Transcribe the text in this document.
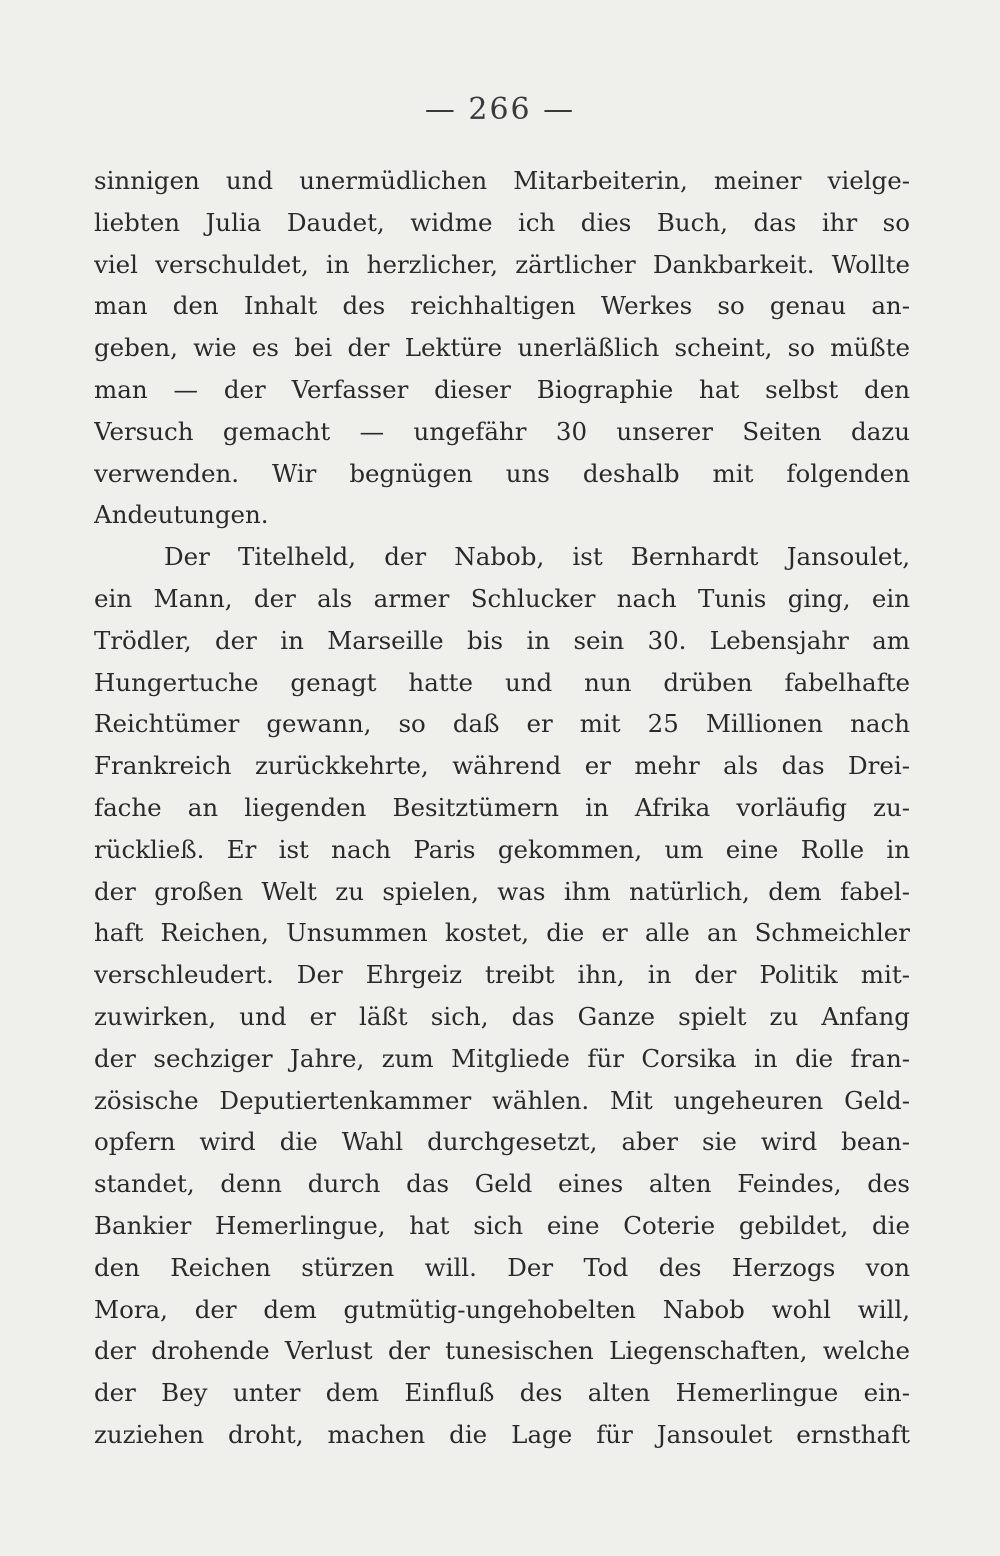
— 266 —
sinnigen und unermüdlichen Mitarbeiterin, meiner vielge-
liebten Julia Daudet, widme ich dies Buch, das ihr so
viel verschuldet, in herzlicher, zärtlicher Dankbarkeit. Wollte
man den Inhalt des reichhaltigen Werkes so genau an-
geben, wie es bei der Lektüre unerläßlich scheint, so müßte
man — der Verfasser dieser Biographie hat selbst den
Versuch gemacht — ungefähr 30 unserer Seiten dazu
verwenden. Wir begnügen uns deshalb mit folgenden
Andeutungen.
Der Titelheld, der Nabob, ist Bernhardt Jansoulet,
ein Mann, der als armer Schlucker nach Tunis ging, ein
Trödler, der in Marseille bis in sein 30. Lebensjahr am
Hungertuche genagt hatte und nun drüben fabelhafte
Reichtümer gewann, so daß er mit 25 Millionen nach
Frankreich zurückkehrte, während er mehr als das Drei-
fache an liegenden Besitztümern in Afrika vorläufig zu-
rückließ. Er ist nach Paris gekommen, um eine Rolle in
der großen Welt zu spielen, was ihm natürlich, dem fabel-
haft Reichen, Unsummen kostet, die er alle an Schmeichler
verschleudert. Der Ehrgeiz treibt ihn, in der Politik mit-
zuwirken, und er läßt sich, das Ganze spielt zu Anfang
der sechziger Jahre, zum Mitgliede für Corsika in die fran-
zösische Deputiertenkammer wählen. Mit ungeheuren Geld-
opfern wird die Wahl durchgesetzt, aber sie wird bean-
standet, denn durch das Geld eines alten Feindes, des
Bankier Hemerlingue, hat sich eine Coterie gebildet, die
den Reichen stürzen will. Der Tod des Herzogs von
Mora, der dem gutmütig-ungehobelten Nabob wohl will,
der drohende Verlust der tunesischen Liegenschaften, welche
der Bey unter dem Einfluß des alten Hemerlingue ein-
zuziehen droht, machen die Lage für Jansoulet ernsthaft
